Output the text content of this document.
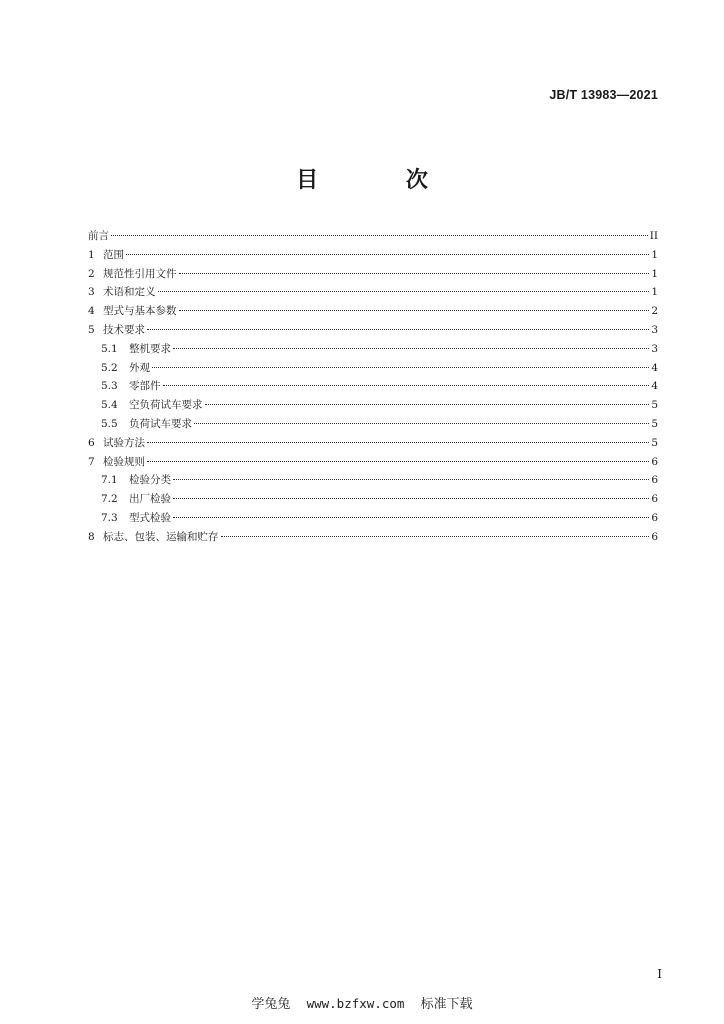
JB/T 13983—2021
目 次
前言	II
1 范围	1
2 规范性引用文件	1
3 术语和定义	1
4 型式与基本参数	2
5 技术要求	3
5.1	整机要求	3
5.2	外观	4
5.3	零部件	4
5.4	空负荷试车要求	5
5.5	负荷试车要求	5
6 试验方法	5
7 检验规则	6
7.1	检验分类	6
7.2	出厂检验	6
7.3	型式检验	6
8 标志、包装、运输和贮存	6
I
学兔兔 www.bzfxw.com 标准下载
